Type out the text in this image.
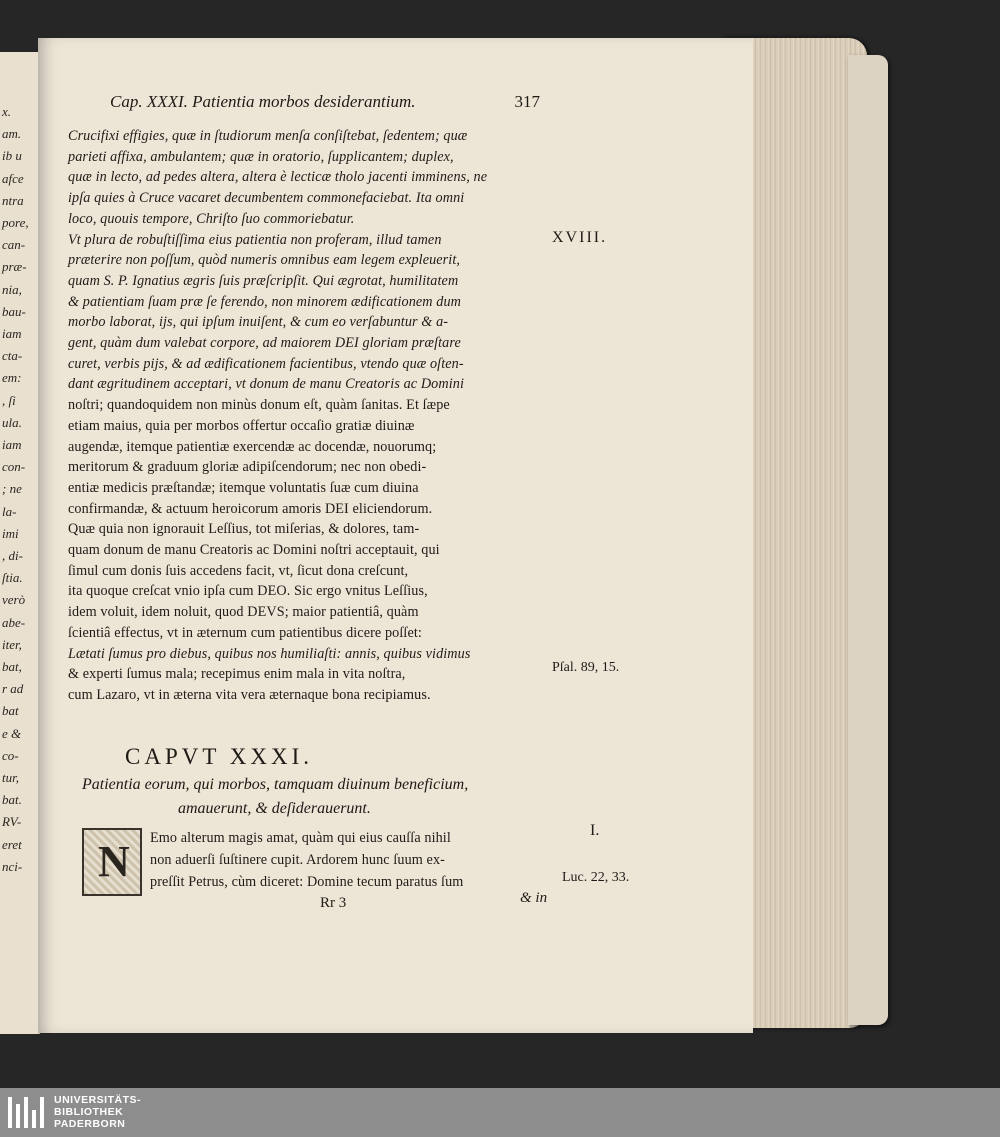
Cap. XXXI. Patientia morbos desiderantium.	317
Crucifixi effigies, quæ in ſtudiorum menſa conſiſtebat, ſedentem; quæ
parieti affixa, ambulantem; quæ in oratorio, ſupplicantem; duplex,
quæ in lecto, ad pedes altera, altera è lecticæ tholo jacenti imminens, ne
ipſa quies à Cruce vacaret decumbentem commonefaciebat. Ita omni
loco, quouis tempore, Chriſto ſuo commoriebatur.
Vt plura de robuſtiſſima eius patientia non proferam, illud tamen
præterire non poſſum, quòd numeris omnibus eam legem expleuerit,
quam S. P. Ignatius ægris ſuis præſcripſit. Qui ægrotat, humilitatem
& patientiam ſuam præ ſe ferendo, non minorem ædificationem dum
morbo laborat, ijs, qui ipſum inuiſent, & cum eo verſabuntur & a-
gent, quàm dum valebat corpore, ad maiorem DEI gloriam præſtare
curet, verbis pijs, & ad ædificationem facientibus, vtendo quæ oſten-
dant ægritudinem acceptari, vt donum de manu Creatoris ac Domini
noſtri; quandoquidem non minùs donum eſt, quàm ſanitas. Et ſæpe
etiam maius, quia per morbos offertur occaſio gratiæ diuinæ
augendæ, itemque patientiæ exercendæ ac docendæ, nouorumq;
meritorum & graduum gloriæ adipiſcendorum; nec non obedi-
entiæ medicis præſtandæ; itemque voluntatis ſuæ cum diuina
confirmandæ, & actuum heroicorum amoris DEI eliciendorum.
Quæ quia non ignorauit Leſſius, tot miſerias, & dolores, tam-
quam donum de manu Creatoris ac Domini noſtri acceptauit, qui
ſimul cum donis ſuis accedens facit, vt, ſicut dona creſcunt,
ita quoque creſcat vnio ipſa cum DEO. Sic ergo vnitus Leſſius,
idem voluit, idem noluit, quod DEVS; maior patientiâ, quàm
ſcientiâ effectus, vt in æternum cum patientibus dicere poſſet:
Lætati ſumus pro diebus, quibus nos humiliaſti: annis, quibus vidimus
& experti ſumus mala; recepimus enim mala in vita noſtra,
cum Lazaro, vt in æterna vita vera æternaque bona recipiamus.
XVIII.
Pſal. 89, 15.
CAPVT XXXI.
Patientia eorum, qui morbos, tamquam diuinum beneficium,
amauerunt, & deſiderauerunt.
N Emo alterum magis amat, quàm qui eius cauſſa nihil
non aduerſi ſuſtinere cupit. Ardorem hunc ſuum ex-
preſſit Petrus, cùm diceret: Domine tecum paratus ſum
I.
Luc. 22, 33.
Rr 3	& in
x.
am.
ib u
afce
ntra
pore,
can-
præ-
nia,
bau-
iam
cta-
em:
, ſi
ula.
iam
con-
; ne
la-
imi
, di-
ſtia.
verò
abe-
iter,
bat,
r ad
bat
e &
co-
tur,
bat.
RV-
eret
nci-
UNIVERSITÄTS-
BIBLIOTHEK
PADERBORN
